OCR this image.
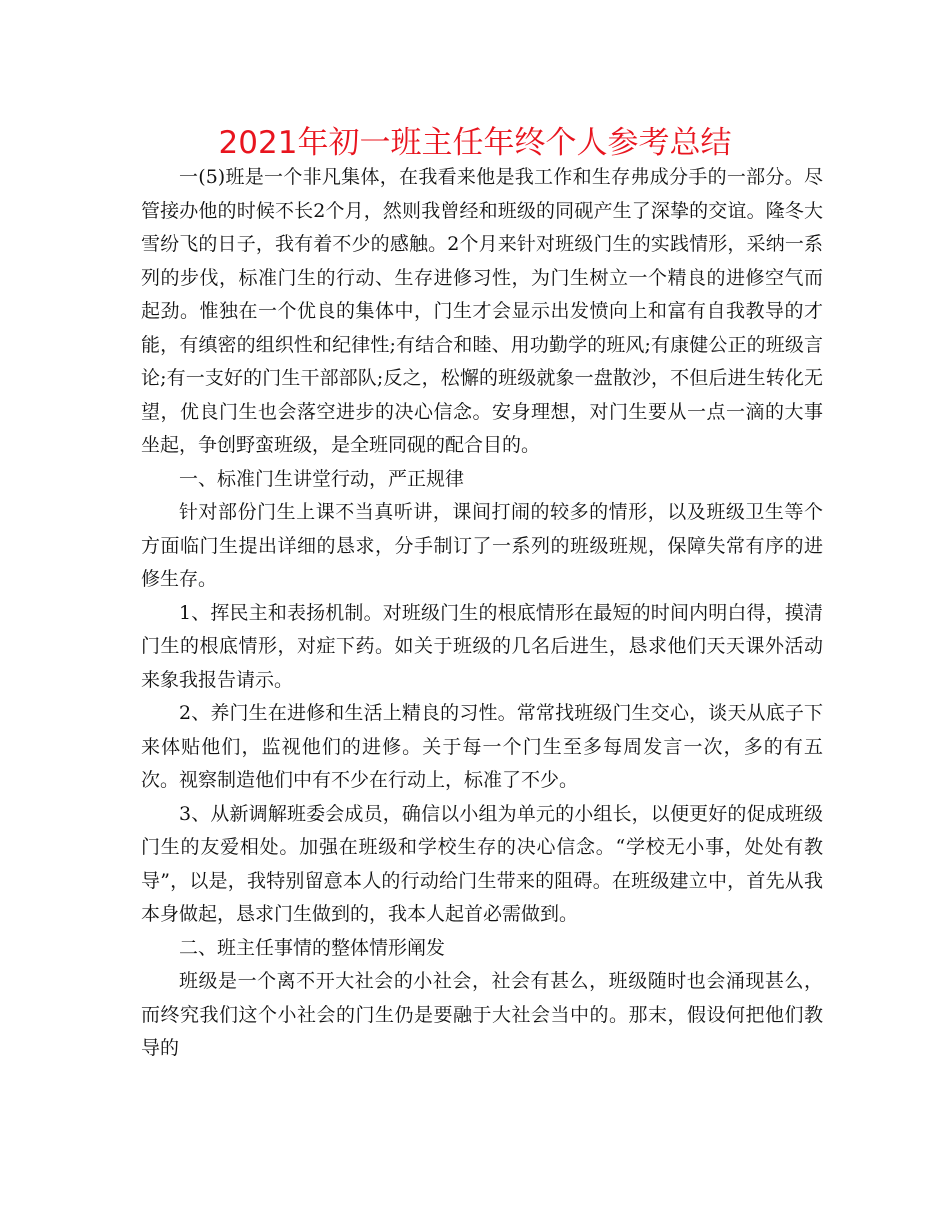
2021年初一班主任年终个人参考总结

一(5)班是一个非凡集体，在我看来他是我工作和生存弗成分手的一部分。尽管接办他的时候不长2个月，然则我曾经和班级的同砚产生了深挚的交谊。隆冬大雪纷飞的日子，我有着不少的感触。2个月来针对班级门生的实践情形，采纳一系列的步伐，标准门生的行动、生存进修习性，为门生树立一个精良的进修空气而起劲。惟独在一个优良的集体中，门生才会显示出发愤向上和富有自我教导的才能，有缜密的组织性和纪律性;有结合和睦、用功勤学的班风;有康健公正的班级言论;有一支好的门生干部部队;反之，松懈的班级就象一盘散沙，不但后进生转化无望，优良门生也会落空进步的决心信念。安身理想，对门生要从一点一滴的大事坐起，争创野蛮班级，是全班同砚的配合目的。

一、标准门生讲堂行动，严正规律

针对部份门生上课不当真听讲，课间打闹的较多的情形，以及班级卫生等个方面临门生提出详细的恳求，分手制订了一系列的班级班规，保障失常有序的进修生存。

1、挥民主和表扬机制。对班级门生的根底情形在最短的时间内明白得，摸清门生的根底情形，对症下药。如关于班级的几名后进生，恳求他们天天课外活动来象我报告请示。

2、养门生在进修和生活上精良的习性。常常找班级门生交心，谈天从底子下来体贴他们，监视他们的进修。关于每一个门生至多每周发言一次，多的有五次。视察制造他们中有不少在行动上，标准了不少。

3、从新调解班委会成员，确信以小组为单元的小组长，以便更好的促成班级门生的友爱相处。加强在班级和学校生存的决心信念。“学校无小事，处处有教导”，以是，我特别留意本人的行动给门生带来的阻碍。在班级建立中，首先从我本身做起，恳求门生做到的，我本人起首必需做到。

二、班主任事情的整体情形阐发

班级是一个离不开大社会的小社会，社会有甚么，班级随时也会涌现甚么，而终究我们这个小社会的门生仍是要融于大社会当中的。那末，假设何把他们教导的
